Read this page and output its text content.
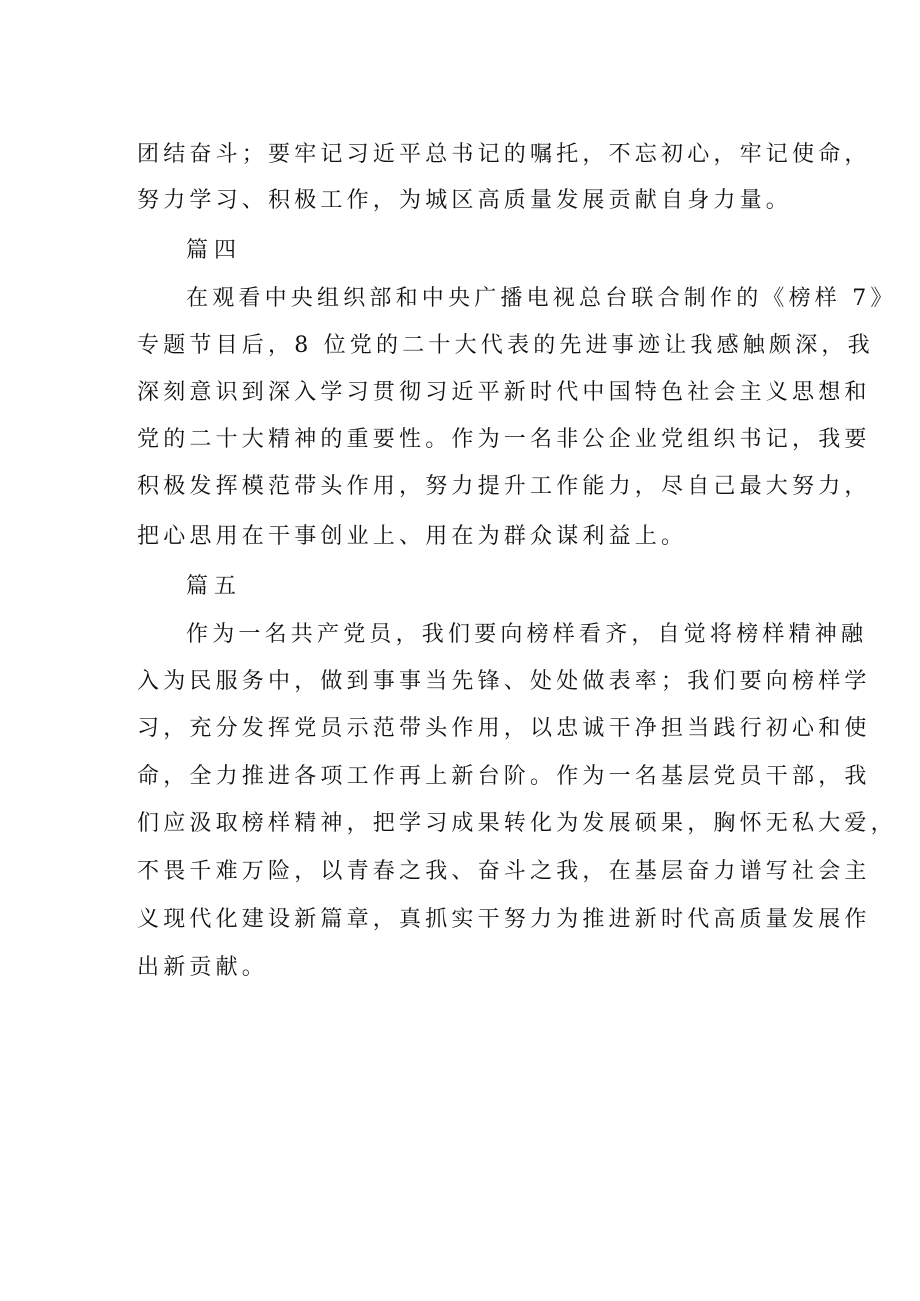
团结奋斗；要牢记习近平总书记的嘱托，不忘初心，牢记使命，
努力学习、积极工作，为城区高质量发展贡献自身力量。
篇四
在观看中央组织部和中央广播电视总台联合制作的《榜样 7》
专题节目后，8 位党的二十大代表的先进事迹让我感触颇深，我
深刻意识到深入学习贯彻习近平新时代中国特色社会主义思想和
党的二十大精神的重要性。作为一名非公企业党组织书记，我要
积极发挥模范带头作用，努力提升工作能力，尽自己最大努力，
把心思用在干事创业上、用在为群众谋利益上。
篇五
作为一名共产党员，我们要向榜样看齐，自觉将榜样精神融
入为民服务中，做到事事当先锋、处处做表率；我们要向榜样学
习，充分发挥党员示范带头作用，以忠诚干净担当践行初心和使
命，全力推进各项工作再上新台阶。作为一名基层党员干部，我
们应汲取榜样精神，把学习成果转化为发展硕果，胸怀无私大爱，
不畏千难万险，以青春之我、奋斗之我，在基层奋力谱写社会主
义现代化建设新篇章，真抓实干努力为推进新时代高质量发展作
出新贡献。
